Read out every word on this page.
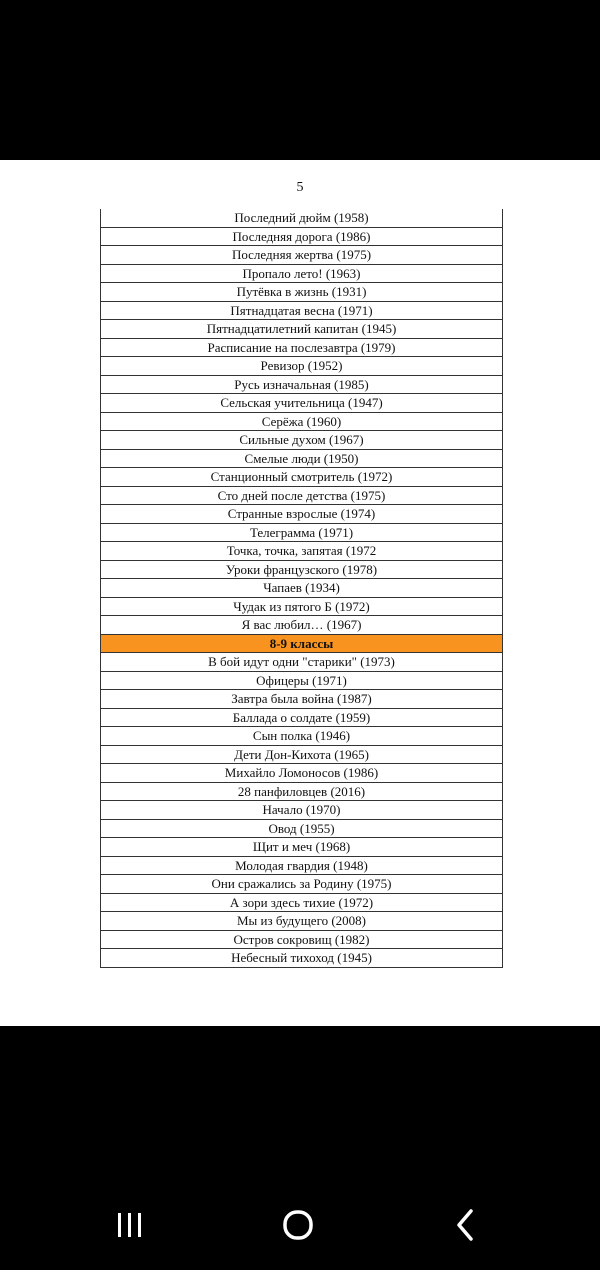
5
Последний дюйм (1958)
Последняя дорога (1986)
Последняя жертва (1975)
Пропало лето! (1963)
Путёвка в жизнь (1931)
Пятнадцатая весна (1971)
Пятнадцатилетний капитан (1945)
Расписание на послезавтра (1979)
Ревизор (1952)
Русь изначальная (1985)
Сельская учительница (1947)
Серёжа (1960)
Сильные духом (1967)
Смелые люди (1950)
Станционный смотритель (1972)
Сто дней после детства (1975)
Странные взрослые (1974)
Телеграмма (1971)
Точка, точка, запятая (1972
Уроки французского (1978)
Чапаев (1934)
Чудак из пятого Б (1972)
Я вас любил… (1967)
8-9 классы
В бой идут одни "старики" (1973)
Офицеры (1971)
Завтра была война (1987)
Баллада о солдате (1959)
Сын полка (1946)
Дети Дон-Кихота (1965)
Михайло Ломоносов (1986)
28 панфиловцев (2016)
Начало (1970)
Овод (1955)
Щит и меч (1968)
Молодая гвардия (1948)
Они сражались за Родину (1975)
А зори здесь тихие (1972)
Мы из будущего (2008)
Остров сокровищ (1982)
Небесный тихоход (1945)
